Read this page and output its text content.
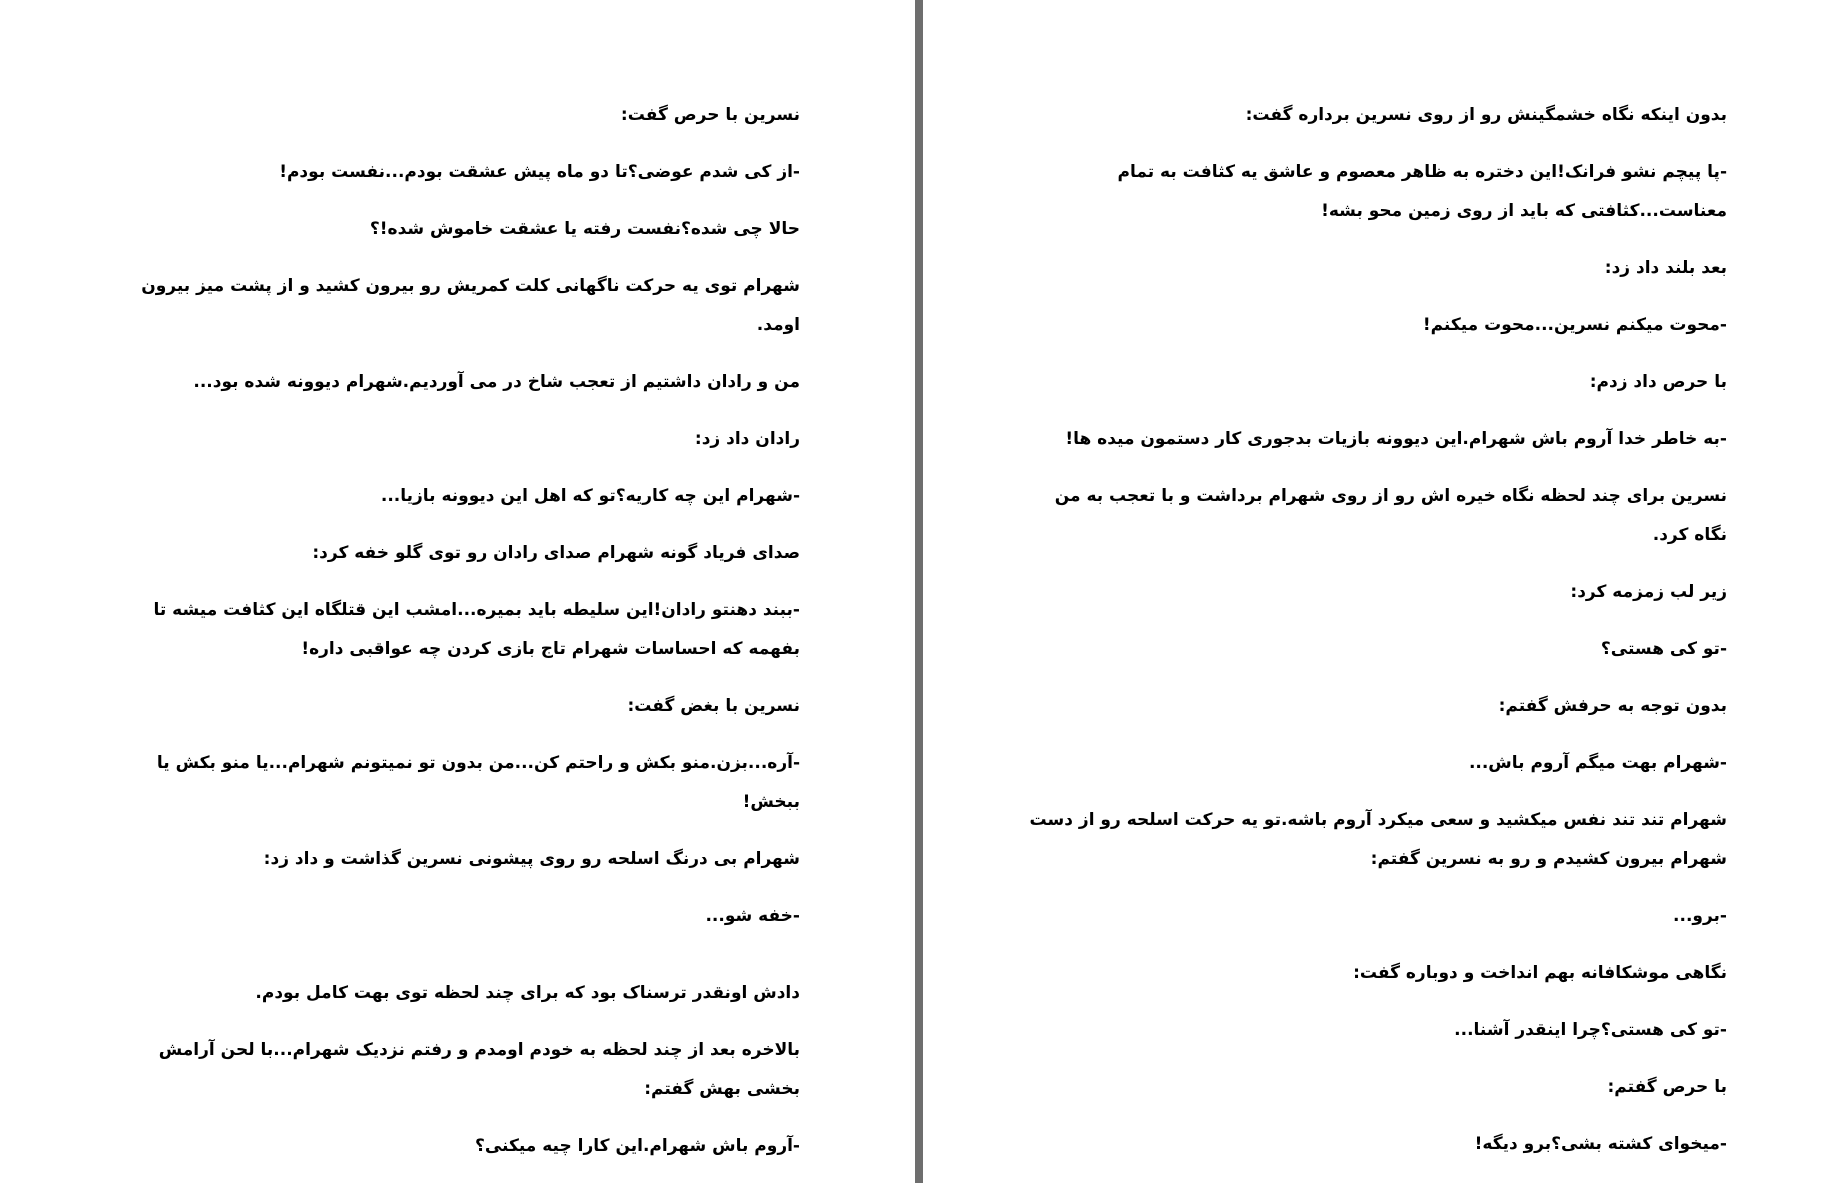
نسرین با حرص گفت:

-از کی شدم عوضی؟تا دو ماه پیش عشقت بودم...نفست بودم!

حالا چی شده؟نفست رفته یا عشقت خاموش شده!؟

شهرام توی یه حرکت ناگهانی کلت کمریش رو بیرون کشید و از پشت میز بیرون اومد.

من و رادان داشتیم از تعجب شاخ در می آوردیم.شهرام دیوونه شده بود...

رادان داد زد:

-شهرام این چه کاریه؟تو که اهل این دیوونه بازیا...

صدای فریاد گونه شهرام صدای رادان رو توی گلو خفه کرد:

-ببند دهنتو رادان!این سلیطه باید بمیره...امشب این قتلگاه این کثافت میشه تا بفهمه که احساسات شهرام تاج بازی کردن چه عواقبی داره!

نسرین با بغض گفت:

-آره...بزن.منو بکش و راحتم کن...من بدون تو نمیتونم شهرام...یا منو بکش یا ببخش!

شهرام بی درنگ اسلحه رو روی پیشونی نسرین گذاشت و داد زد:

-خفه شو...

دادش اونقدر ترسناک بود که برای چند لحظه توی بهت کامل بودم.

بالاخره بعد از چند لحظه به خودم اومدم و رفتم نزدیک شهرام...با لحن آرامش بخشی بهش گفتم:

-آروم باش شهرام.این کارا چیه میکنی؟

بدون اینکه نگاه خشمگینش رو از روی نسرین برداره گفت:

-پا پیچم نشو فرانک!این دختره به ظاهر معصوم و عاشق یه کثافت به تمام معناست...کثافتی که باید از روی زمین محو بشه!

بعد بلند داد زد:

-محوت میکنم نسرین...محوت میکنم!

با حرص داد زدم:

-به خاطر خدا آروم باش شهرام.این دیوونه بازیات بدجوری کار دستمون میده ها!

نسرین برای چند لحظه نگاه خیره اش رو از روی شهرام برداشت و با تعجب به من نگاه کرد.

زیر لب زمزمه کرد:

-تو کی هستی؟

بدون توجه به حرفش گفتم:

-شهرام بهت میگم آروم باش...

شهرام تند تند نفس میکشید و سعی میکرد آروم باشه.تو یه حرکت اسلحه رو از دست شهرام بیرون کشیدم و رو به نسرین گفتم:

-برو...

نگاهی موشکافانه بهم انداخت و دوباره گفت:

-تو کی هستی؟چرا اینقدر آشنا...

با حرص گفتم:

-میخوای کشته بشی؟برو دیگه!
